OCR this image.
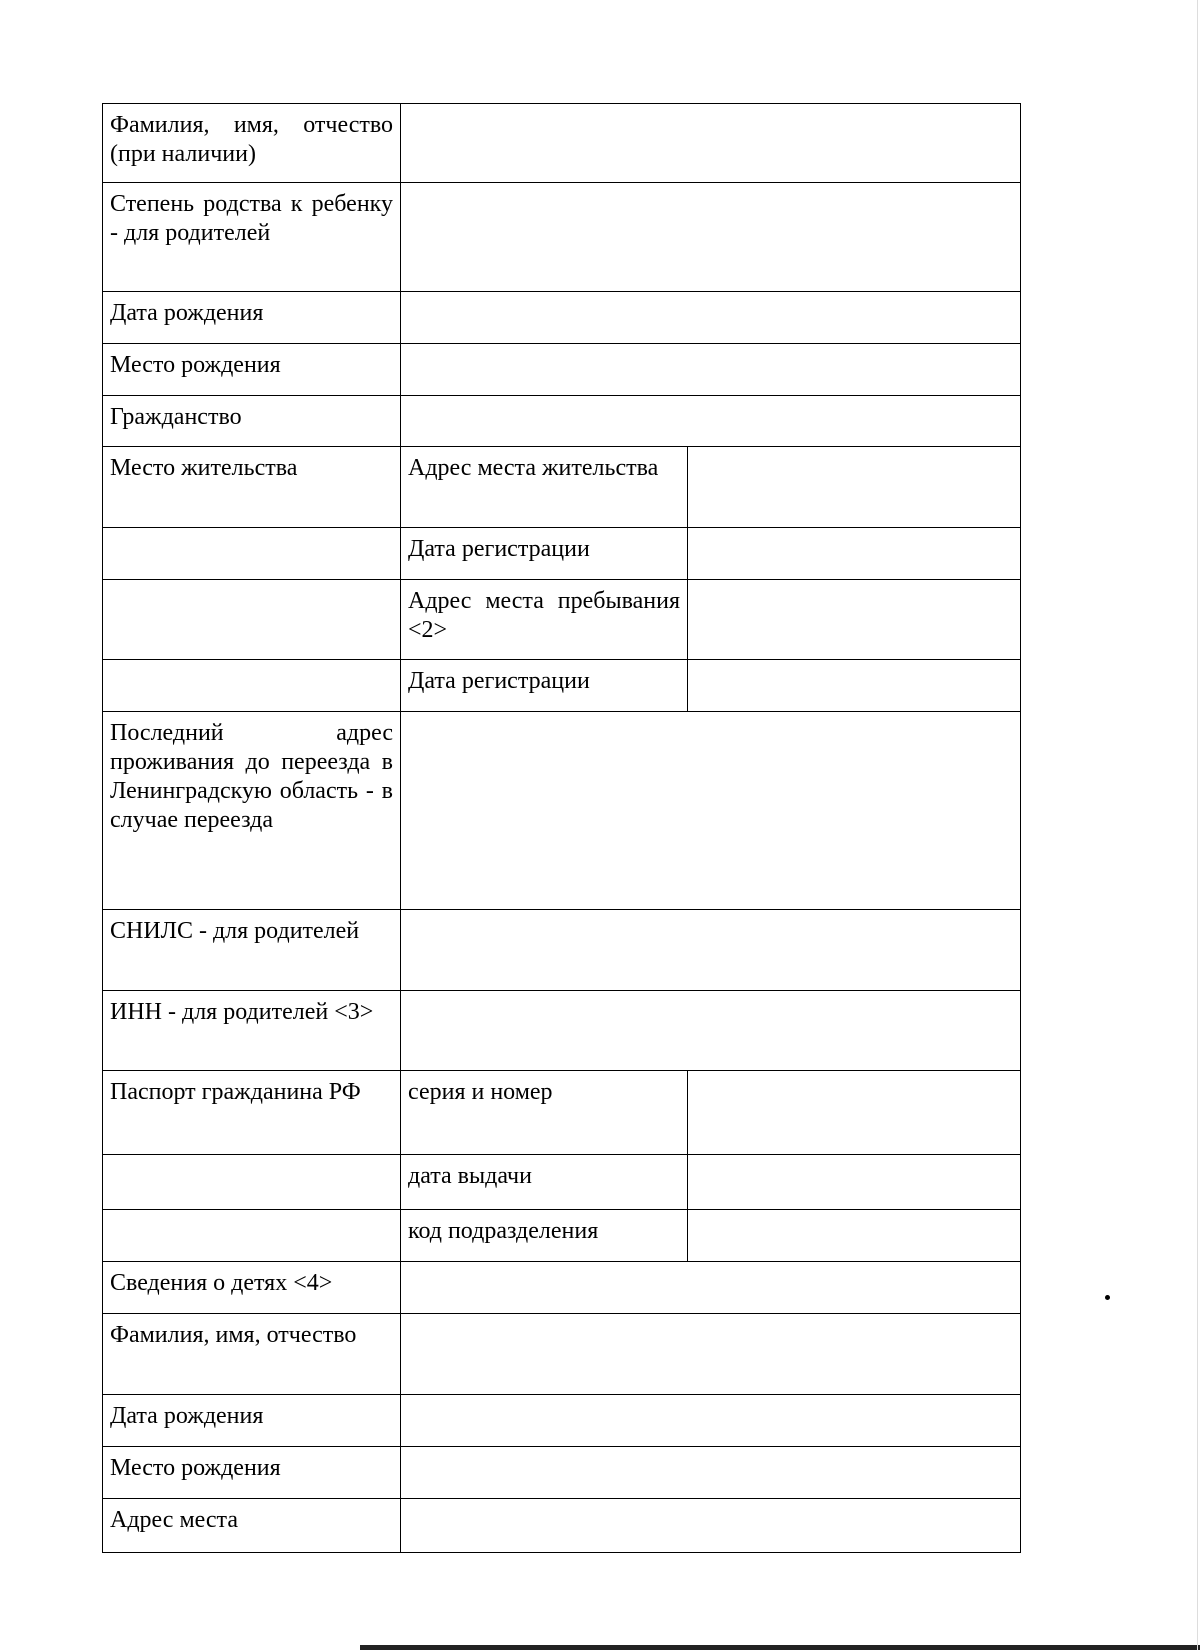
Фамилия, имя, отчество (при наличии)		
Степень родства к ребенку - для родителей		
Дата рождения		
Место рождения		
Гражданство		
Место жительства	Адрес места жительства	
	Дата регистрации	
	Адрес места пребывания <2>	
	Дата регистрации	
Последний адрес проживания до переезда в Ленинградскую область - в случае переезда		
СНИЛС - для родителей		
ИНН - для родителей <3>		
Паспорт гражданина РФ	серия и номер	
	дата выдачи	
	код подразделения	
Сведения о детях <4>		
Фамилия, имя, отчество		
Дата рождения		
Место рождения		
Адрес места		
